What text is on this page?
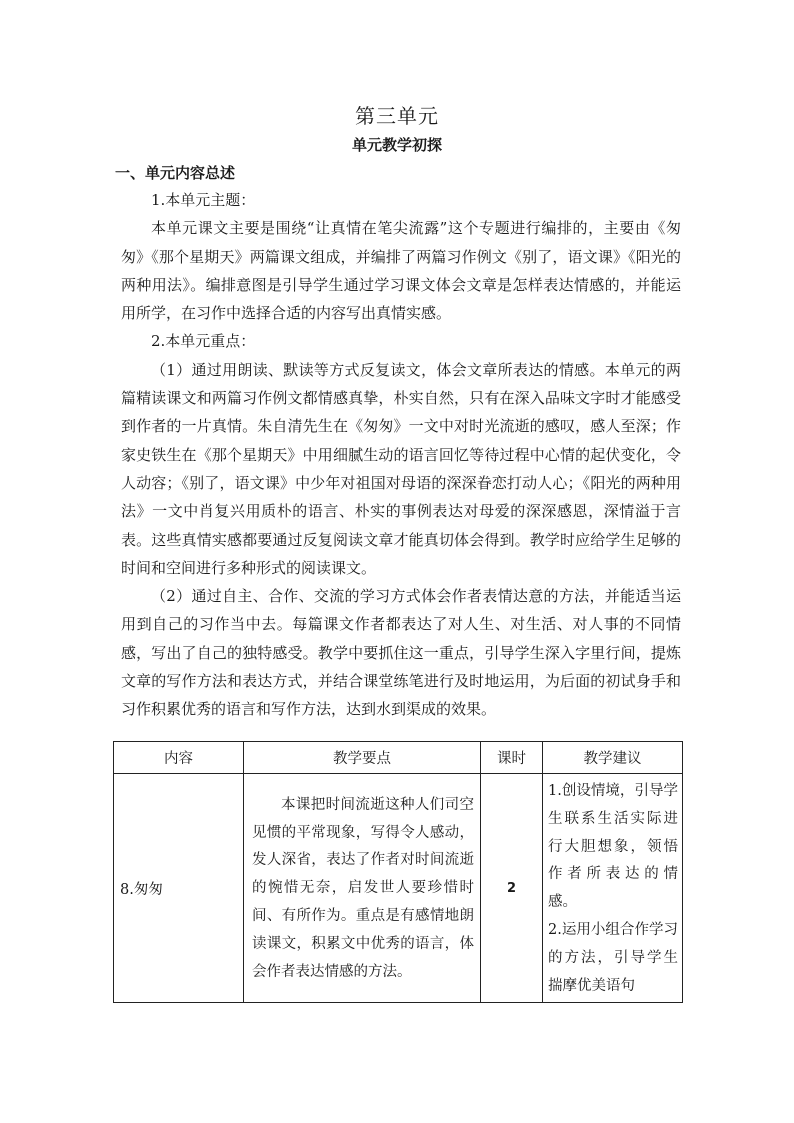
第三单元
单元教学初探
一、单元内容总述

1.本单元主题：

本单元课文主要是围绕“让真情在笔尖流露”这个专题进行编排的，主要由《匆匆》《那个星期天》两篇课文组成，并编排了两篇习作例文《别了，语文课》《阳光的两种用法》。编排意图是引导学生通过学习课文体会文章是怎样表达情感的，并能运用所学，在习作中选择合适的内容写出真情实感。

2.本单元重点：

（1）通过用朗读、默读等方式反复读文，体会文章所表达的情感。本单元的两篇精读课文和两篇习作例文都情感真挚，朴实自然，只有在深入品味文字时才能感受到作者的一片真情。朱自清先生在《匆匆》一文中对时光流逝的感叹，感人至深；作家史铁生在《那个星期天》中用细腻生动的语言回忆等待过程中心情的起伏变化，令人动容；《别了，语文课》中少年对祖国对母语的深深眷恋打动人心；《阳光的两种用法》一文中肖复兴用质朴的语言、朴实的事例表达对母爱的深深感恩，深情溢于言表。这些真情实感都要通过反复阅读文章才能真切体会得到。教学时应给学生足够的时间和空间进行多种形式的阅读课文。

（2）通过自主、合作、交流的学习方式体会作者表情达意的方法，并能适当运用到自己的习作当中去。每篇课文作者都表达了对人生、对生活、对人事的不同情感，写出了自己的独特感受。教学中要抓住这一重点，引导学生深入字里行间，提炼文章的写作方法和表达方式，并结合课堂练笔进行及时地运用，为后面的初试身手和习作积累优秀的语言和写作方法，达到水到渠成的效果。

内容	教学要点	课时	教学建议
8.匆匆	本课把时间流逝这种人们司空见惯的平常现象，写得令人感动，发人深省，表达了作者对时间流逝的惋惜无奈，启发世人要珍惜时间、有所作为。重点是有感情地朗读课文，积累文中优秀的语言，体会作者表达情感的方法。	2	1.创设情境，引导学生联系生活实际进行大胆想象，领悟作者所表达的情感。
2.运用小组合作学习的方法，引导学生揣摩优美语句
